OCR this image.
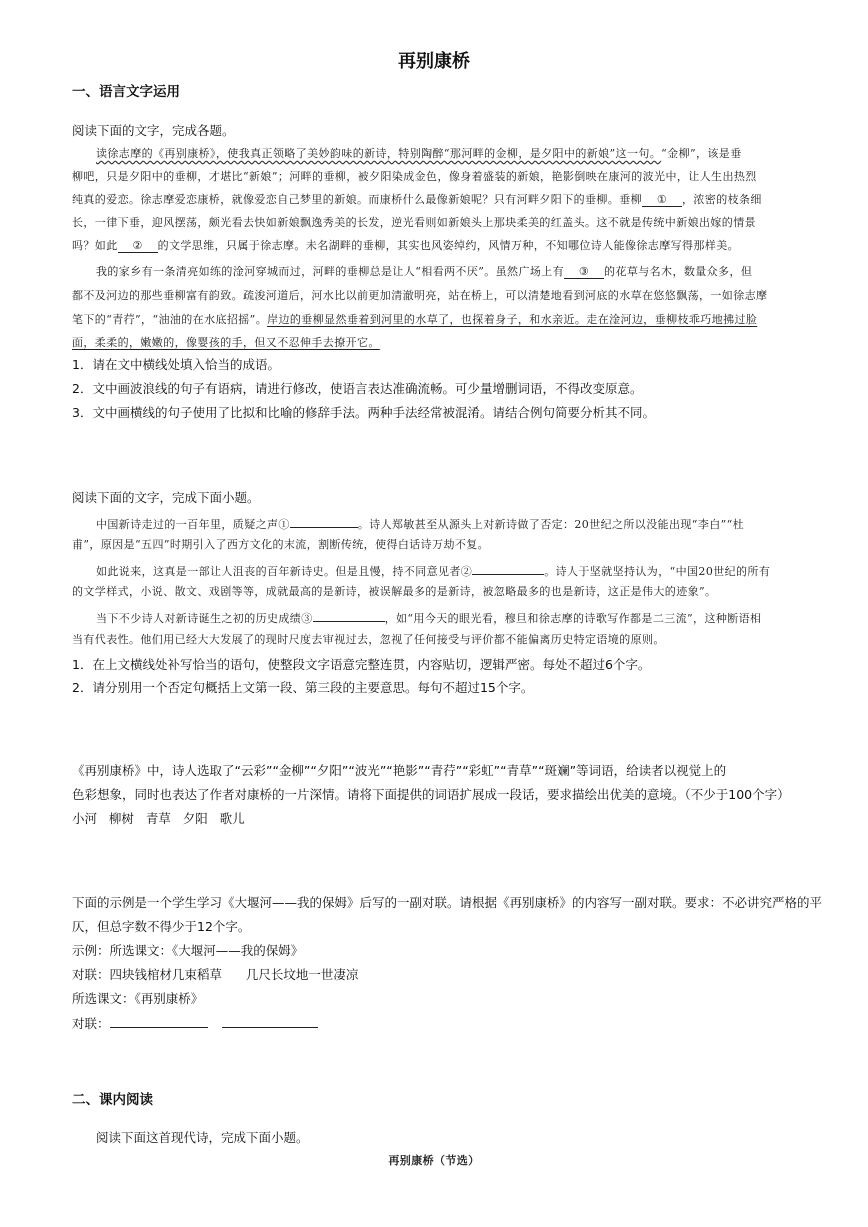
再别康桥
一、语言文字运用
阅读下面的文字，完成各题。
读徐志摩的《再别康桥》，使我真正领略了美妙韵味的新诗，特别陶醉“那河畔的金柳，是夕阳中的新娘”这一句。“金柳”，该是垂
柳吧，只是夕阳中的垂柳，才堪比“新娘”；河畔的垂柳，被夕阳染成金色，像身着盛装的新娘，艳影倒映在康河的波光中，让人生出热烈
纯真的爱恋。徐志摩爱恋康桥，就像爱恋自己梦里的新娘。而康桥什么最像新娘呢？只有河畔夕阳下的垂柳。垂柳 ① ，浓密的枝条细
长，一律下垂，迎风摆荡，颇光看去快如新娘飘逸秀美的长发，逆光看则如新娘头上那块柔美的红盖头。这不就是传统中新娘出嫁的情景
吗？如此 ② 的文学思维，只属于徐志摩。未名湖畔的垂柳，其实也风姿绰约，风情万种，不知哪位诗人能像徐志摩写得那样美。
我的家乡有一条清亮如练的淦河穿城而过，河畔的垂柳总是让人“相看两不厌”。虽然广场上有 ③ 的花草与名木，数量众多，但
都不及河边的那些垂柳富有韵致。疏浚河道后，河水比以前更加清澈明亮，站在桥上，可以清楚地看到河底的水草在悠悠飘荡，一如徐志摩
笔下的“青荇”，“油油的在水底招摇”。岸边的垂柳显然垂着到河里的水草了，也探着身子，和水亲近。走在淦河边，垂柳枝乖巧地拂过脸
面，柔柔的，嫩嫩的，像婴孩的手，但又不忍伸手去撩开它。
1．请在文中横线处填入恰当的成语。
2．文中画波浪线的句子有语病，请进行修改，使语言表达准确流畅。可少量增删词语，不得改变原意。
3．文中画横线的句子使用了比拟和比喻的修辞手法。两种手法经常被混淆。请结合例句简要分析其不同。
阅读下面的文字，完成下面小题。
中国新诗走过的一百年里，质疑之声①	。诗人郑敏甚至从源头上对新诗做了否定：20世纪之所以没能出现“李白”“杜
甫”，原因是“五四”时期引入了西方文化的末流，割断传统，使得白话诗万劫不复。
如此说来，这真是一部让人沮丧的百年新诗史。但是且慢，持不同意见者②	。诗人于坚就坚持认为，“中国20世纪的所有
的文学样式，小说、散文、戏剧等等，成就最高的是新诗，被误解最多的是新诗，被忽略最多的也是新诗，这正是伟大的迹象”。
当下不少诗人对新诗诞生之初的历史成绩③	，如“用今天的眼光看，穆旦和徐志摩的诗歌写作都是二三流”，这种断语相
当有代表性。他们用已经大大发展了的现时尺度去审视过去，忽视了任何接受与评价都不能偏离历史特定语境的原则。
1．在上文横线处补写恰当的语句，使整段文字语意完整连贯，内容贴切，逻辑严密。每处不超过6个字。
2．请分别用一个否定句概括上文第一段、第三段的主要意思。每句不超过15个字。
《再别康桥》中，诗人选取了“云彩”“金柳”“夕阳”“波光”“艳影”“青荇”“彩虹”“青草”“斑斓”等词语，给读者以视觉上的
色彩想象，同时也表达了作者对康桥的一片深情。请将下面提供的词语扩展成一段话，要求描绘出优美的意境。（不少于100个字）
小河   柳树   青草   夕阳   歌儿
下面的示例是一个学生学习《大堰河——我的保姆》后写的一副对联。请根据《再别康桥》的内容写一副对联。要求：不必讲究严格的平
仄，但总字数不得少于12个字。
示例：所选课文：《大堰河——我的保姆》
对联：四块钱棺材几束稻草      几尺长坟地一世凄凉
所选课文：《再别康桥》
对联：
二、课内阅读
阅读下面这首现代诗，完成下面小题。
再别康桥（节选）
